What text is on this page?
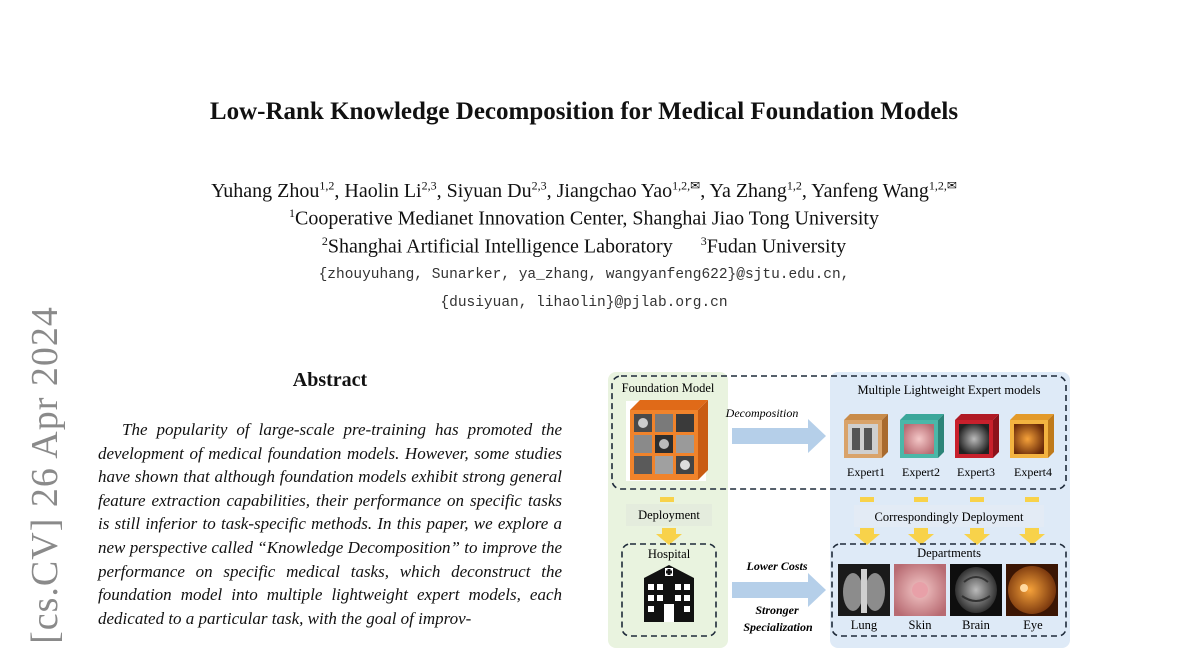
[cs.CV] 26 Apr 2024
Low-Rank Knowledge Decomposition for Medical Foundation Models
Yuhang Zhou$^{1,2}$, Haolin Li$^{2,3}$, Siyuan Du$^{2,3}$, Jiangchao Yao$^{1,2,✉}$, Ya Zhang$^{1,2}$, Yanfeng Wang$^{1,2,✉}$
$^1$Cooperative Medianet Innovation Center, Shanghai Jiao Tong University
$^2$Shanghai Artificial Intelligence Laboratory $^3$Fudan University
{zhouyuhang, Sunarker, ya_zhang, wangyanfeng622}@sjtu.edu.cn,
{dusiyuan, lihaolin}@pjlab.org.cn
Abstract
The popularity of large-scale pre-training has promoted the development of medical foundation models. However, some studies have shown that although foundation models exhibit strong general feature extraction capabilities, their performance on specific tasks is still inferior to task-specific methods. In this paper, we explore a new perspective called “Knowledge Decomposition” to improve the performance on specific medical tasks, which deconstruct the foundation model into multiple lightweight expert models, each dedicated to a particular task, with the goal of improv-
Foundation Model	Multiple Lightweight Expert models
Decomposition
Expert1 Expert2 Expert3 Expert4
Deployment
Hospital
Correspondingly Deployment
Departments
Lung	Skin Brain	Eye
Lower Costs
Stronger
Specialization
